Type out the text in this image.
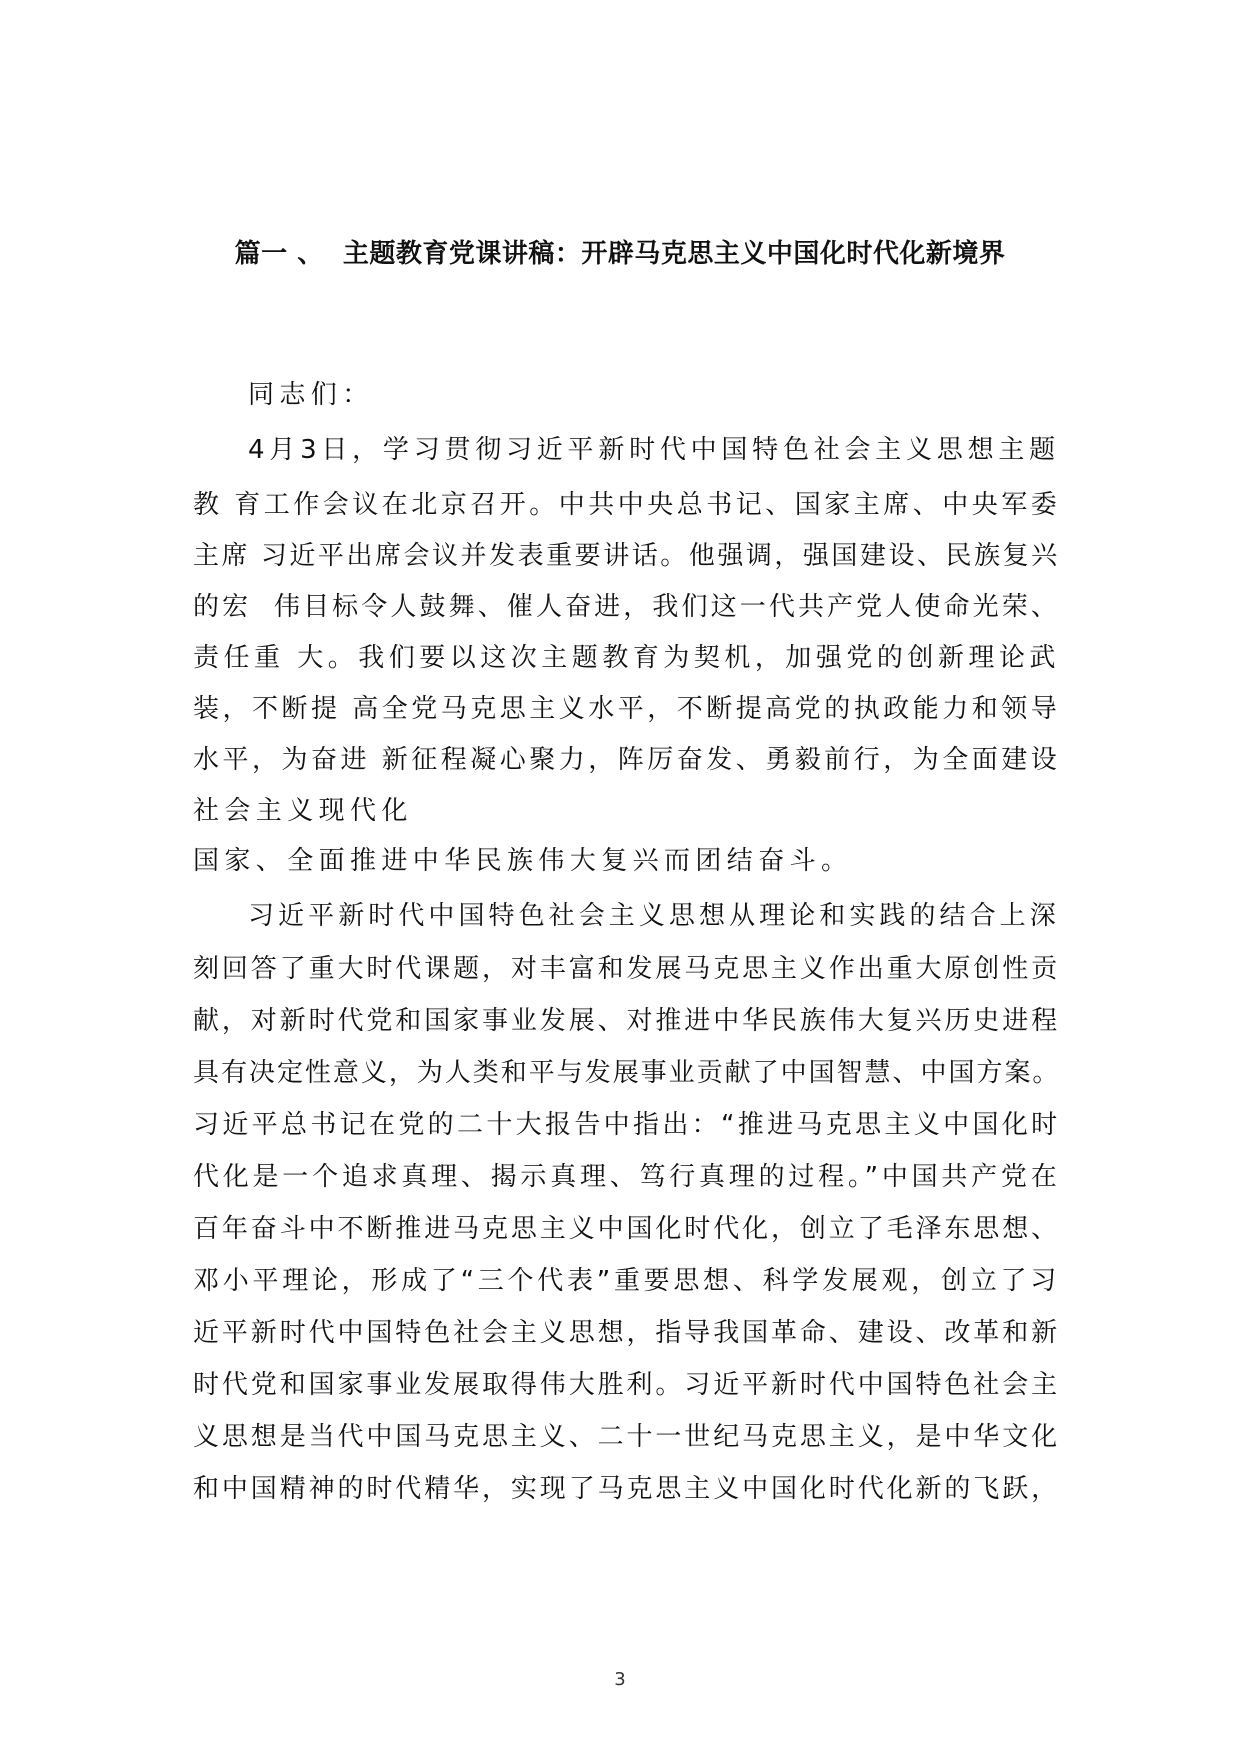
篇一 、  主题教育党课讲稿：开辟马克思主义中国化时代化新境界
同志们：
4月3日，学习贯彻习近平新时代中国特色社会主义思想主题
教 育工作会议在北京召开。中共中央总书记、国家主席、中央军委
主席 习近平出席会议并发表重要讲话。他强调，强国建设、民族复兴
的宏  伟目标令人鼓舞、催人奋进，我们这一代共产党人使命光荣、
责任重 大。我们要以这次主题教育为契机，加强党的创新理论武
装，不断提 高全党马克思主义水平，不断提高党的执政能力和领导
水平，为奋进 新征程凝心聚力，阵厉奋发、勇毅前行，为全面建设
社会主义现代化
国家、全面推进中华民族伟大复兴而团结奋斗。
习近平新时代中国特色社会主义思想从理论和实践的结合上深
刻回答了重大时代课题，对丰富和发展马克思主义作出重大原创性贡
献，对新时代党和国家事业发展、对推进中华民族伟大复兴历史进程
具有决定性意义，为人类和平与发展事业贡献了中国智慧、中国方案。
习近平总书记在党的二十大报告中指出：“推进马克思主义中国化时
代化是一个追求真理、揭示真理、笃行真理的过程。”中国共产党在
百年奋斗中不断推进马克思主义中国化时代化，创立了毛泽东思想、
邓小平理论，形成了“三个代表”重要思想、科学发展观，创立了习
近平新时代中国特色社会主义思想，指导我国革命、建设、改革和新
时代党和国家事业发展取得伟大胜利。习近平新时代中国特色社会主
义思想是当代中国马克思主义、二十一世纪马克思主义，是中华文化
和中国精神的时代精华，实现了马克思主义中国化时代化新的飞跃，
3
